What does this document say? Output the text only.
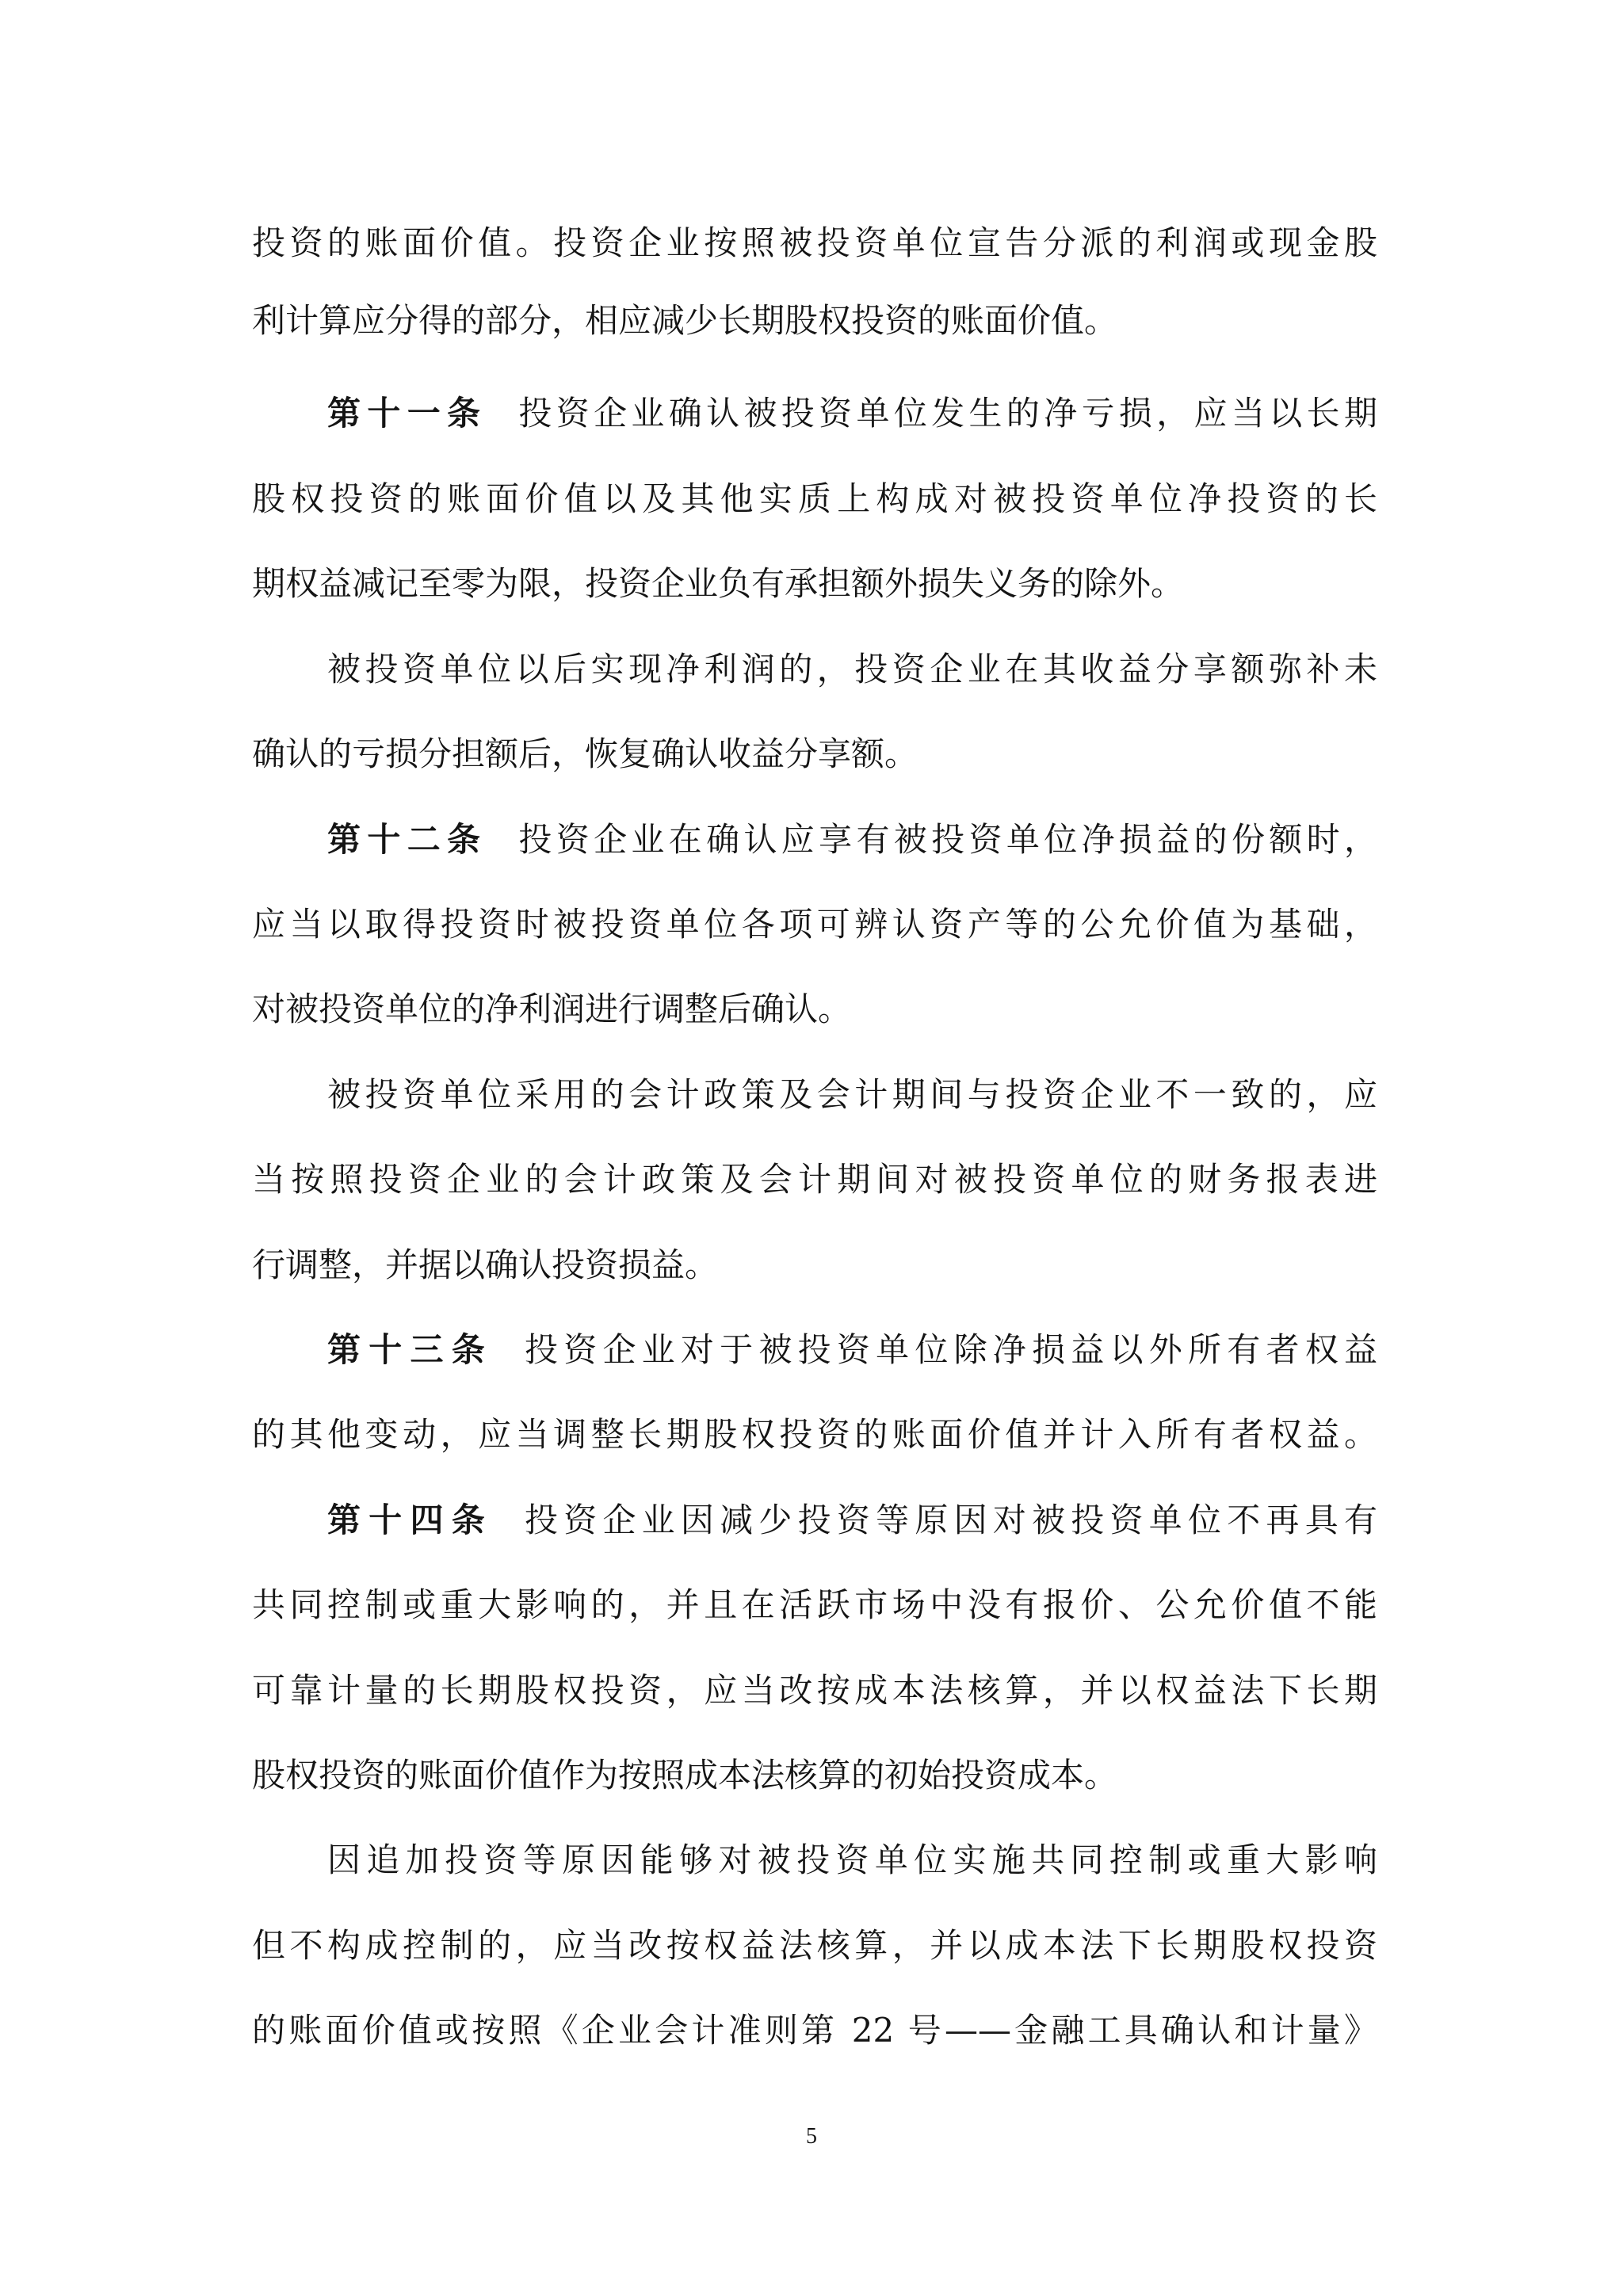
投资的账面价值。投资企业按照被投资单位宣告分派的利润或现金股

利计算应分得的部分，相应减少长期股权投资的账面价值。

第十一条 投资企业确认被投资单位发生的净亏损，应当以长期

股权投资的账面价值以及其他实质上构成对被投资单位净投资的长

期权益减记至零为限，投资企业负有承担额外损失义务的除外。

被投资单位以后实现净利润的，投资企业在其收益分享额弥补未

确认的亏损分担额后，恢复确认收益分享额。

第十二条 投资企业在确认应享有被投资单位净损益的份额时，

应当以取得投资时被投资单位各项可辨认资产等的公允价值为基础，

对被投资单位的净利润进行调整后确认。

被投资单位采用的会计政策及会计期间与投资企业不一致的，应

当按照投资企业的会计政策及会计期间对被投资单位的财务报表进

行调整，并据以确认投资损益。

第十三条 投资企业对于被投资单位除净损益以外所有者权益

的其他变动，应当调整长期股权投资的账面价值并计入所有者权益。

第十四条 投资企业因减少投资等原因对被投资单位不再具有

共同控制或重大影响的，并且在活跃市场中没有报价、公允价值不能

可靠计量的长期股权投资，应当改按成本法核算，并以权益法下长期

股权投资的账面价值作为按照成本法核算的初始投资成本。

因追加投资等原因能够对被投资单位实施共同控制或重大影响

但不构成控制的，应当改按权益法核算，并以成本法下长期股权投资

的账面价值或按照《企业会计准则第 22 号——金融工具确认和计量》

5
